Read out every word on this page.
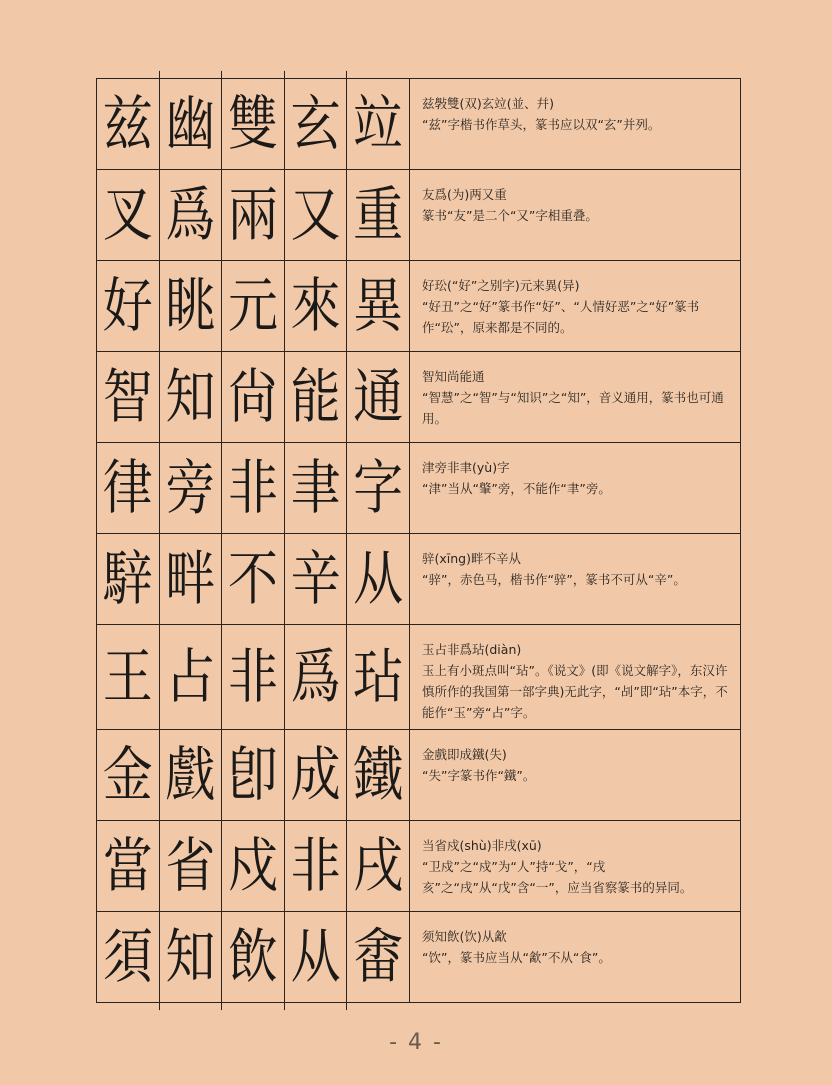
兹 幽 雙 玄 竝	兹斅雙(双)玄竝(並、幷)
“兹”字楷书作草头，篆书应以双“玄”并列。
叉 爲 兩 又 重	友爲(为)两又重
篆书“友”是二个“又”字相重叠。
好 眺 元 來 異	好玜(“好”之别字)元来異(异)
“好丑”之“好”篆书作“好”、“人情好恶”之“好”篆书作“玜”，原来都是不同的。
智 知 尙 能 通	智知尚能通
“智慧”之“智”与“知识”之“知”，音义通用，篆书也可通用。
律 旁 非 聿 字	津旁非聿(yù)字
“津”当从“𦘦”旁，不能作“聿”旁。
騂 畔 不 辛 从	骍(xīng)畔不辛从
“骍”，赤色马，楷书作“骍”，篆书不可从“辛”。
王 占 非 爲 玷	玉占非爲玷(diàn)
玉上有小斑点叫“玷”。《说文》(即《说文解字》，东汉许慎所作的我国第一部字典)无此字，“㓠”即“玷”本字，不能作“玉”旁“占”字。
金 戲 卽 成 鐵	金戲即成鐵(失)
“失”字篆书作“鐵”。
當 省 戍 非 戌	当省戍(shù)非戌(xū)
“卫戍”之“戍”为“人”持“戈”，“戌亥”之“戌”从“戊”含“一”，应当省察篆书的异同。
須 知 飲 从 畬	须知飲(饮)从㱃
“饮”，篆书应当从“㱃”不从“食”。
- 4 -
